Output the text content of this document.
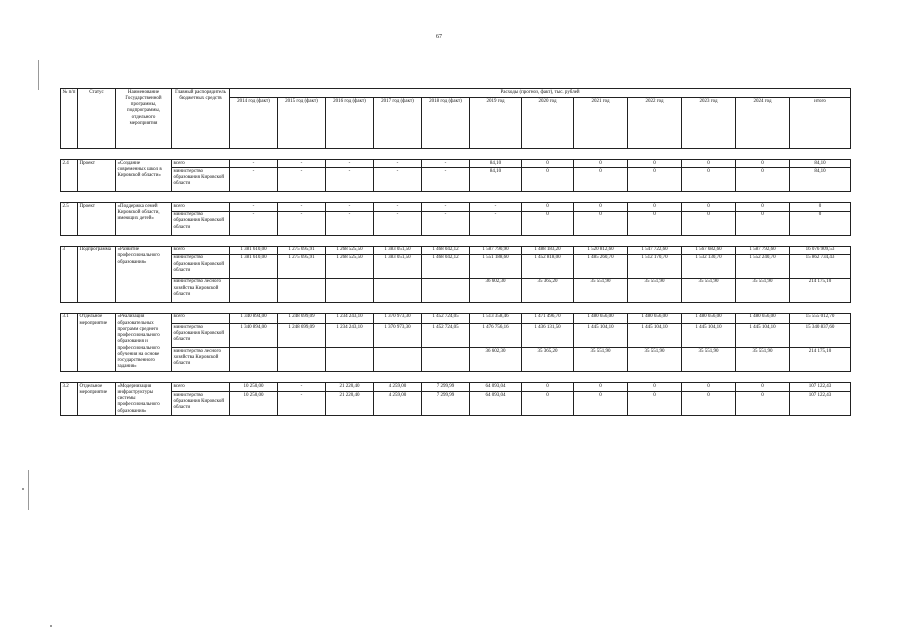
67
№ п/п	Статус	Наименование Государственной программы, подпрограммы, отдельного мероприятия	Главный распорядитель бюджетных средств	Расходы (прогноз, факт), тыс. рублей											
				2014 год (факт)	2015 год (факт)	2016 год (факт)	2017 год (факт)	2018 год (факт)	2019 год	2020 год	2021 год	2022 год	2023 год	2024 год	итого

2.4	Проект	«Создание современных школ в Кировской области»	всего	-	-	-	-	-	84,10	0	0	0	0	0	84,10
			министерство образования Кировской области	-	-	-	-	-	84,10	0	0	0	0	0	84,10

2.5	Проект	«Поддержка семей Кировской области, имеющих детей»	всего	-	-	-	-	-	-	0	0	0	0	0	0
			министерство образования Кировской области	-	-	-	-	-	-	0	0	0	0	0	0

3	Подпрограмма	«Развитие профессионального образования»	всего	1 381 610,00	1 275 695,91	1 268 525,50	1 383 051,50	1 468 042,12	1 587 790,90	1 488 183,20	1 520 812,60	1 547 722,60	1 567 682,60	1 587 792,60	16 076 909,53
			министерство образования Кировской области	1 381 610,00	1 275 695,91	1 268 525,50	1 383 051,50	1 468 042,12	1 551 188,60	1 452 818,00	1 485 260,70	1 512 170,70	1 532 130,70	1 552 240,70	15 862 734,43
			министерство лесного хозяйства Кировской области						36 602,30	35 365,20	35 551,90	35 551,90	35 551,90	35 551,90	214 175,10

3.1	Отдельное мероприятие	«Реализация образовательных программ среднего профессионального образования и профессионального обучения на основе государственного задания»	всего	1 340 894,00	1 248 699,09	1 234 243,10	1 370 973,30	1 452 724,05	1 513 358,46	1 471 496,70	1 480 656,00	1 480 656,00	1 480 656,00	1 480 656,00	15 555 012,70
			министерство образования Кировской области	1 340 894,00	1 248 699,09	1 234 243,10	1 370 973,30	1 452 724,05	1 476 756,16	1 436 131,50	1 445 104,10	1 445 104,10	1 445 104,10	1 445 104,10	15 340 837,60
			министерство лесного хозяйства Кировской области						36 602,30	35 365,20	35 551,90	35 551,90	35 551,90	35 551,90	214 175,10

3.2	Отдельное мероприятие	«Модернизация инфраструктуры системы профессионального образования»	всего	10 250,00	-	21 220,40	4 259,00	7 299,99	64 093,04	0	0	0	0	0	107 122,43
			министерство образования Кировской области	10 250,00	-	21 220,40	4 259,00	7 299,99	64 093,04	0	0	0	0	0	107 122,43
